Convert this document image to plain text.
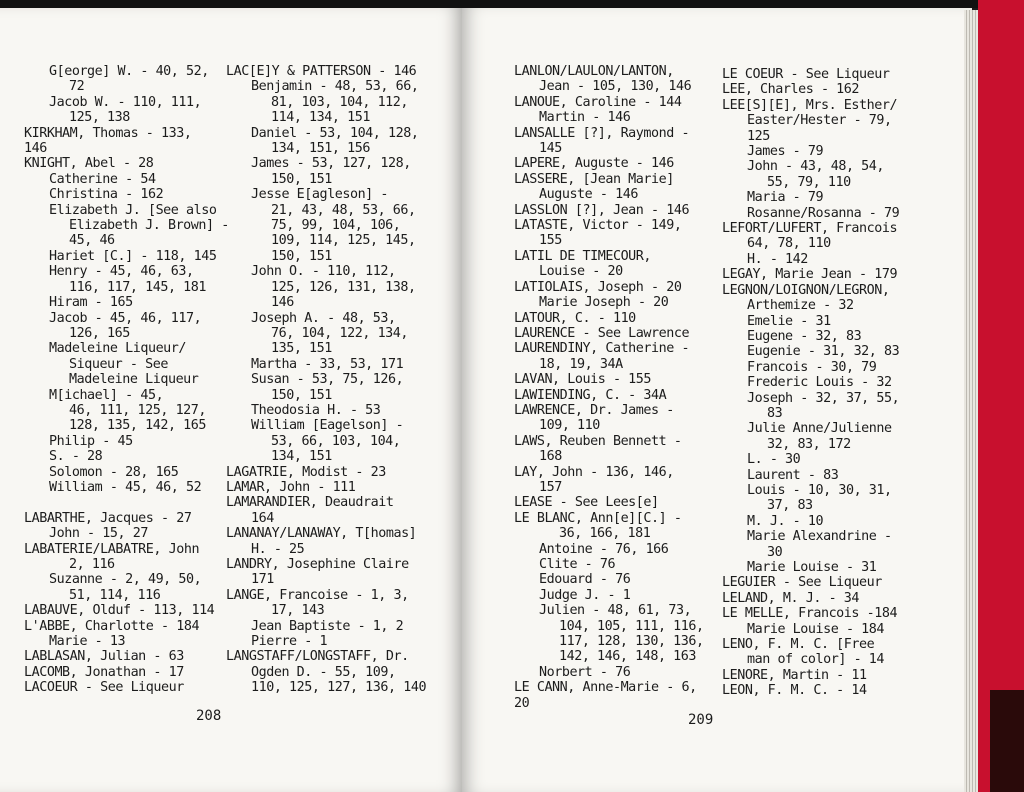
G[eorge] W. - 40, 52,
72
Jacob W. - 110, 111,
125, 138
KIRKHAM, Thomas - 133,
146
KNIGHT, Abel - 28
Catherine - 54
Christina - 162
Elizabeth J. [See also
Elizabeth J. Brown] -
45, 46
Hariet [C.] - 118, 145
Henry - 45, 46, 63,
116, 117, 145, 181
Hiram - 165
Jacob - 45, 46, 117,
126, 165
Madeleine Liqueur/
Siqueur - See
Madeleine Liqueur
M[ichael] - 45,
46, 111, 125, 127,
128, 135, 142, 165
Philip - 45
S. - 28
Solomon - 28, 165
William - 45, 46, 52
LABARTHE, Jacques - 27
John - 15, 27
LABATERIE/LABATRE, John
2, 116
Suzanne - 2, 49, 50,
51, 114, 116
LABAUVE, Olduf - 113, 114
L'ABBE, Charlotte - 184
Marie - 13
LABLASAN, Julian - 63
LACOMB, Jonathan - 17
LACOEUR - See Liqueur
LAC[E]Y & PATTERSON - 146
Benjamin - 48, 53, 66,
81, 103, 104, 112,
114, 134, 151
Daniel - 53, 104, 128,
134, 151, 156
James - 53, 127, 128,
150, 151
Jesse E[agleson] -
21, 43, 48, 53, 66,
75, 99, 104, 106,
109, 114, 125, 145,
150, 151
John O. - 110, 112,
125, 126, 131, 138,
146
Joseph A. - 48, 53,
76, 104, 122, 134,
135, 151
Martha - 33, 53, 171
Susan - 53, 75, 126,
150, 151
Theodosia H. - 53
William [Eagelson] -
53, 66, 103, 104,
134, 151
LAGATRIE, Modist - 23
LAMAR, John - 111
LAMARANDIER, Deaudrait
164
LANANAY/LANAWAY, T[homas]
H. - 25
LANDRY, Josephine Claire
171
LANGE, Francoise - 1, 3,
17, 143
Jean Baptiste - 1, 2
Pierre - 1
LANGSTAFF/LONGSTAFF, Dr.
Ogden D. - 55, 109,
110, 125, 127, 136, 140
208
LANLON/LAULON/LANTON,
Jean - 105, 130, 146
LANOUE, Caroline - 144
Martin - 146
LANSALLE [?], Raymond -
145
LAPERE, Auguste - 146
LASSERE, [Jean Marie]
Auguste - 146
LASSLON [?], Jean - 146
LATASTE, Victor - 149,
155
LATIL DE TIMECOUR,
Louise - 20
LATIOLAIS, Joseph - 20
Marie Joseph - 20
LATOUR, C. - 110
LAURENCE - See Lawrence
LAURENDINY, Catherine -
18, 19, 34A
LAVAN, Louis - 155
LAWIENDING, C. - 34A
LAWRENCE, Dr. James -
109, 110
LAWS, Reuben Bennett -
168
LAY, John - 136, 146,
157
LEASE - See Lees[e]
LE BLANC, Ann[e][C.] -
36, 166, 181
Antoine - 76, 166
Clite - 76
Edouard - 76
Judge J. - 1
Julien - 48, 61, 73,
104, 105, 111, 116,
117, 128, 130, 136,
142, 146, 148, 163
Norbert - 76
LE CANN, Anne-Marie - 6,
20
LE COEUR - See Liqueur
LEE, Charles - 162
LEE[S][E], Mrs. Esther/
Easter/Hester - 79,
125
James - 79
John - 43, 48, 54,
55, 79, 110
Maria - 79
Rosanne/Rosanna - 79
LEFORT/LUFERT, Francois
64, 78, 110
H. - 142
LEGAY, Marie Jean - 179
LEGNON/LOIGNON/LEGRON,
Arthemize - 32
Emelie - 31
Eugene - 32, 83
Eugenie - 31, 32, 83
Francois - 30, 79
Frederic Louis - 32
Joseph - 32, 37, 55,
83
Julie Anne/Julienne
32, 83, 172
L. - 30
Laurent - 83
Louis - 10, 30, 31,
37, 83
M. J. - 10
Marie Alexandrine -
30
Marie Louise - 31
LEGUIER - See Liqueur
LELAND, M. J. - 34
LE MELLE, Francois -184
Marie Louise - 184
LENO, F. M. C. [Free
man of color] - 14
LENORE, Martin - 11
LEON, F. M. C. - 14
209
